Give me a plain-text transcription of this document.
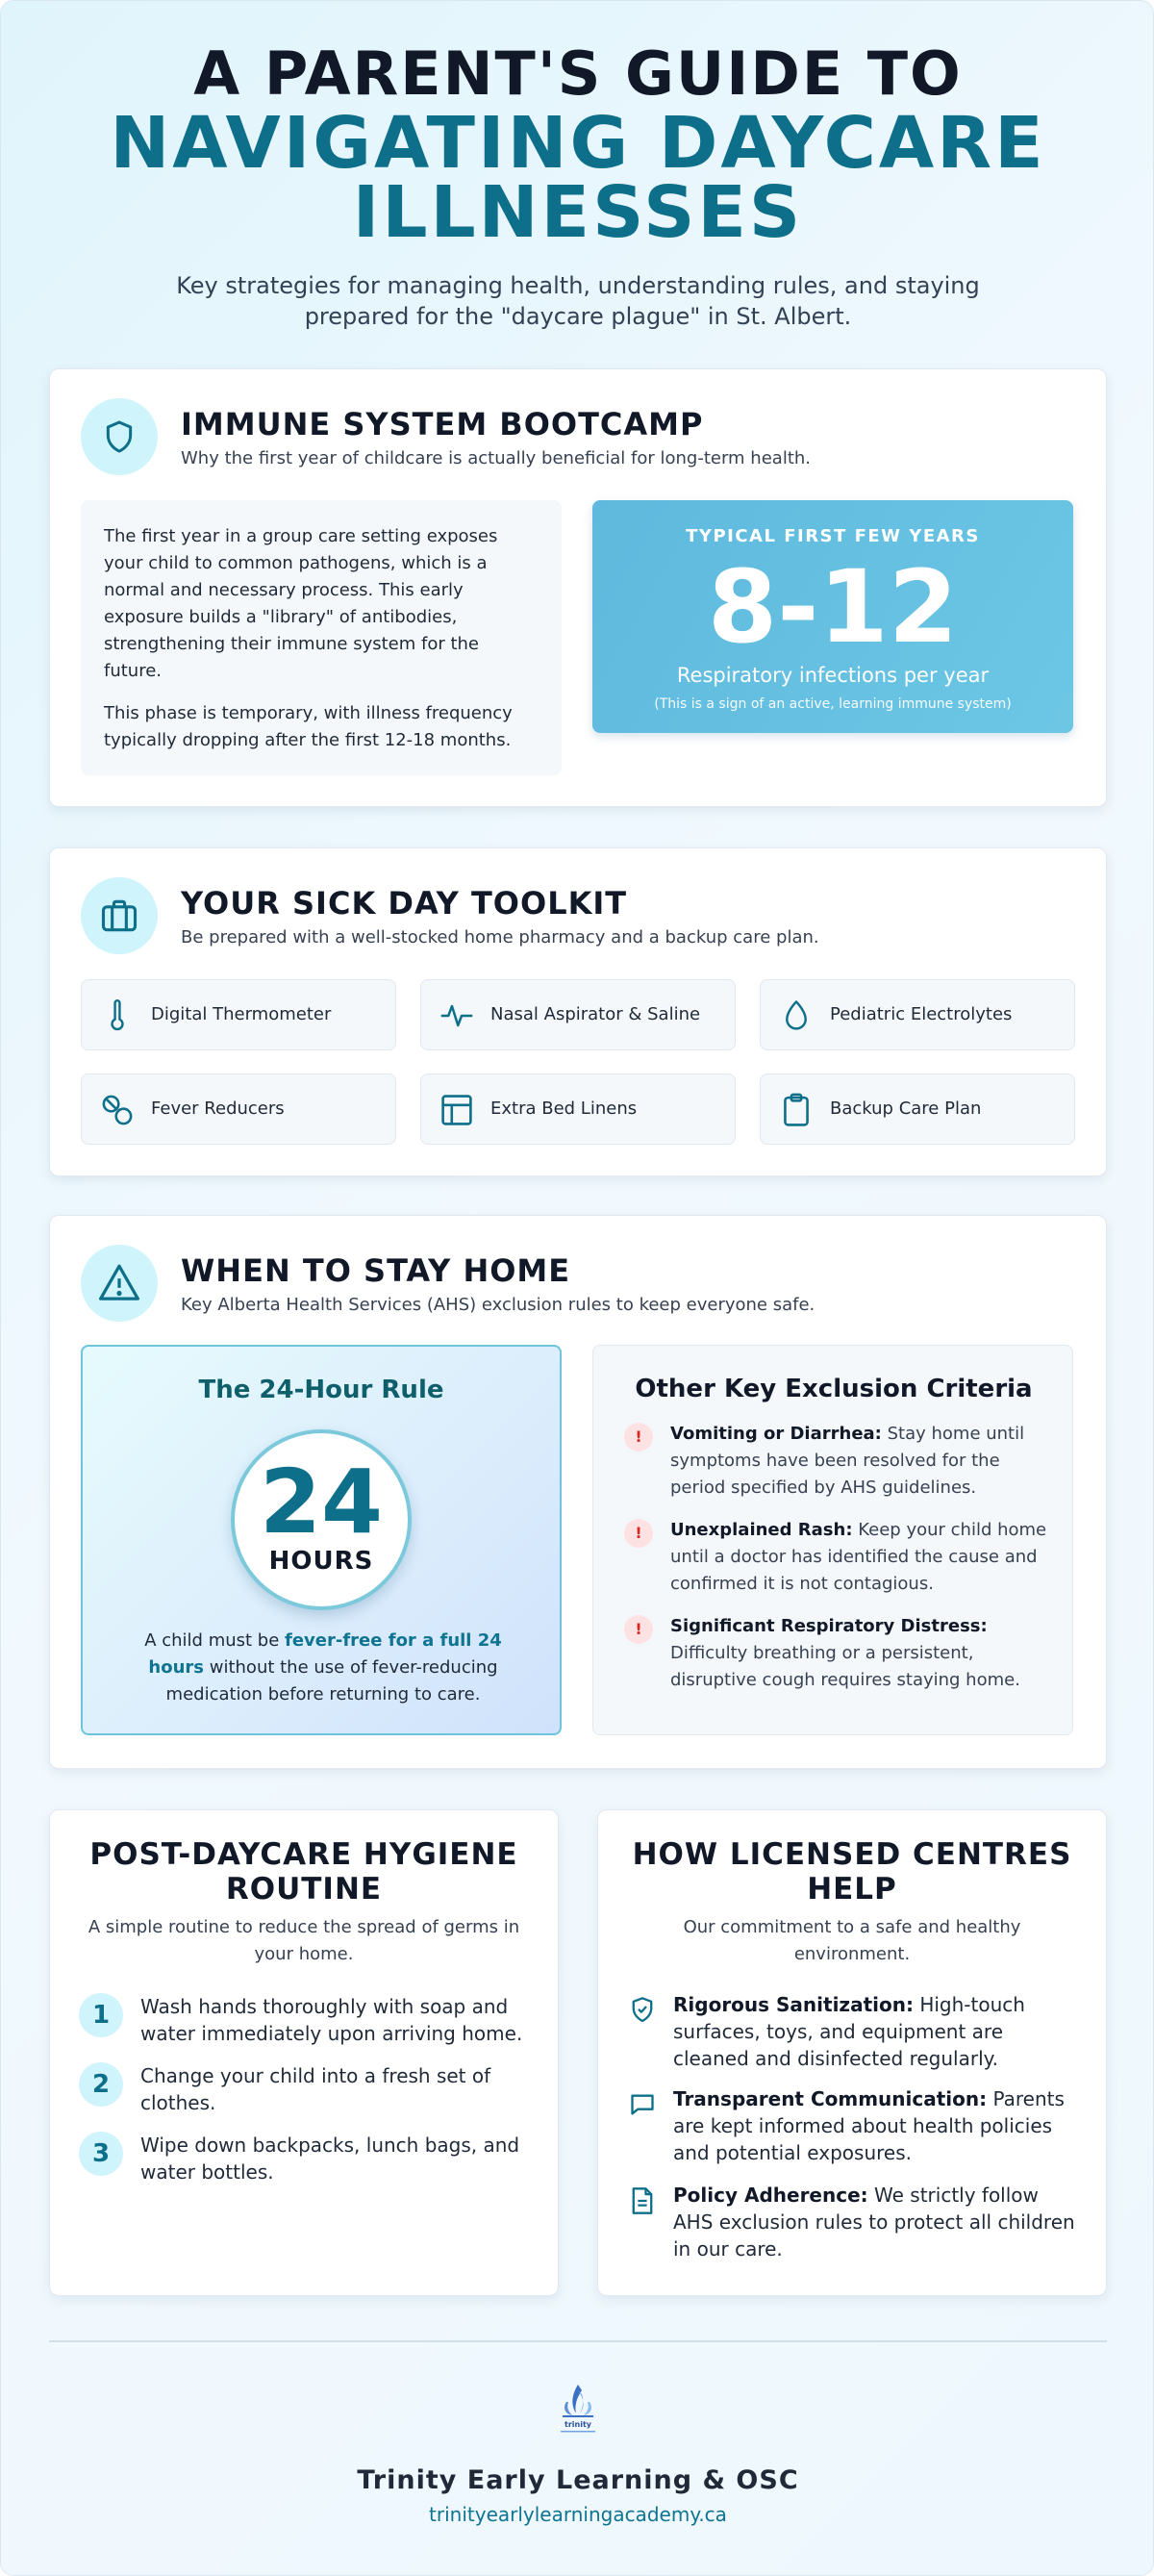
A PARENT'S GUIDE TO
NAVIGATING DAYCARE
ILLNESSES
Key strategies for managing health, understanding rules, and staying prepared for the "daycare plague" in St. Albert.
IMMUNE SYSTEM BOOTCAMP
Why the first year of childcare is actually beneficial for long-term health.

The first year in a group care setting exposes your child to common pathogens, which is a normal and necessary process. This early exposure builds a "library" of antibodies, strengthening their immune system for the future.

This phase is temporary, with illness frequency typically dropping after the first 12-18 months.

TYPICAL FIRST FEW YEARS
8-12
Respiratory infections per year
(This is a sign of an active, learning immune system)
YOUR SICK DAY TOOLKIT
Be prepared with a well-stocked home pharmacy and a backup care plan.
Digital Thermometer	Nasal Aspirator & Saline	Pediatric Electrolytes
Fever Reducers	Extra Bed Linens	Backup Care Plan
WHEN TO STAY HOME
Key Alberta Health Services (AHS) exclusion rules to keep everyone safe.
The 24-Hour Rule
24
HOURS
A child must be fever-free for a full 24 hours without the use of fever-reducing medication before returning to care.
Other Key Exclusion Criteria
!	Vomiting or Diarrhea: Stay home until symptoms have been resolved for the period specified by AHS guidelines.
!	Unexplained Rash: Keep your child home until a doctor has identified the cause and confirmed it is not contagious.
!	Significant Respiratory Distress: Difficulty breathing or a persistent, disruptive cough requires staying home.
POST-DAYCARE HYGIENE
ROUTINE
A simple routine to reduce the spread of germs in your home.
1	Wash hands thoroughly with soap and water immediately upon arriving home.
2	Change your child into a fresh set of clothes.
3	Wipe down backpacks, lunch bags, and water bottles.
HOW LICENSED CENTRES
HELP
Our commitment to a safe and healthy environment.
Rigorous Sanitization: High-touch surfaces, toys, and equipment are cleaned and disinfected regularly.
Transparent Communication: Parents are kept informed about health policies and potential exposures.
Policy Adherence: We strictly follow AHS exclusion rules to protect all children in our care.
trinity
Trinity Early Learning & OSC
trinityearlylearningacademy.ca
